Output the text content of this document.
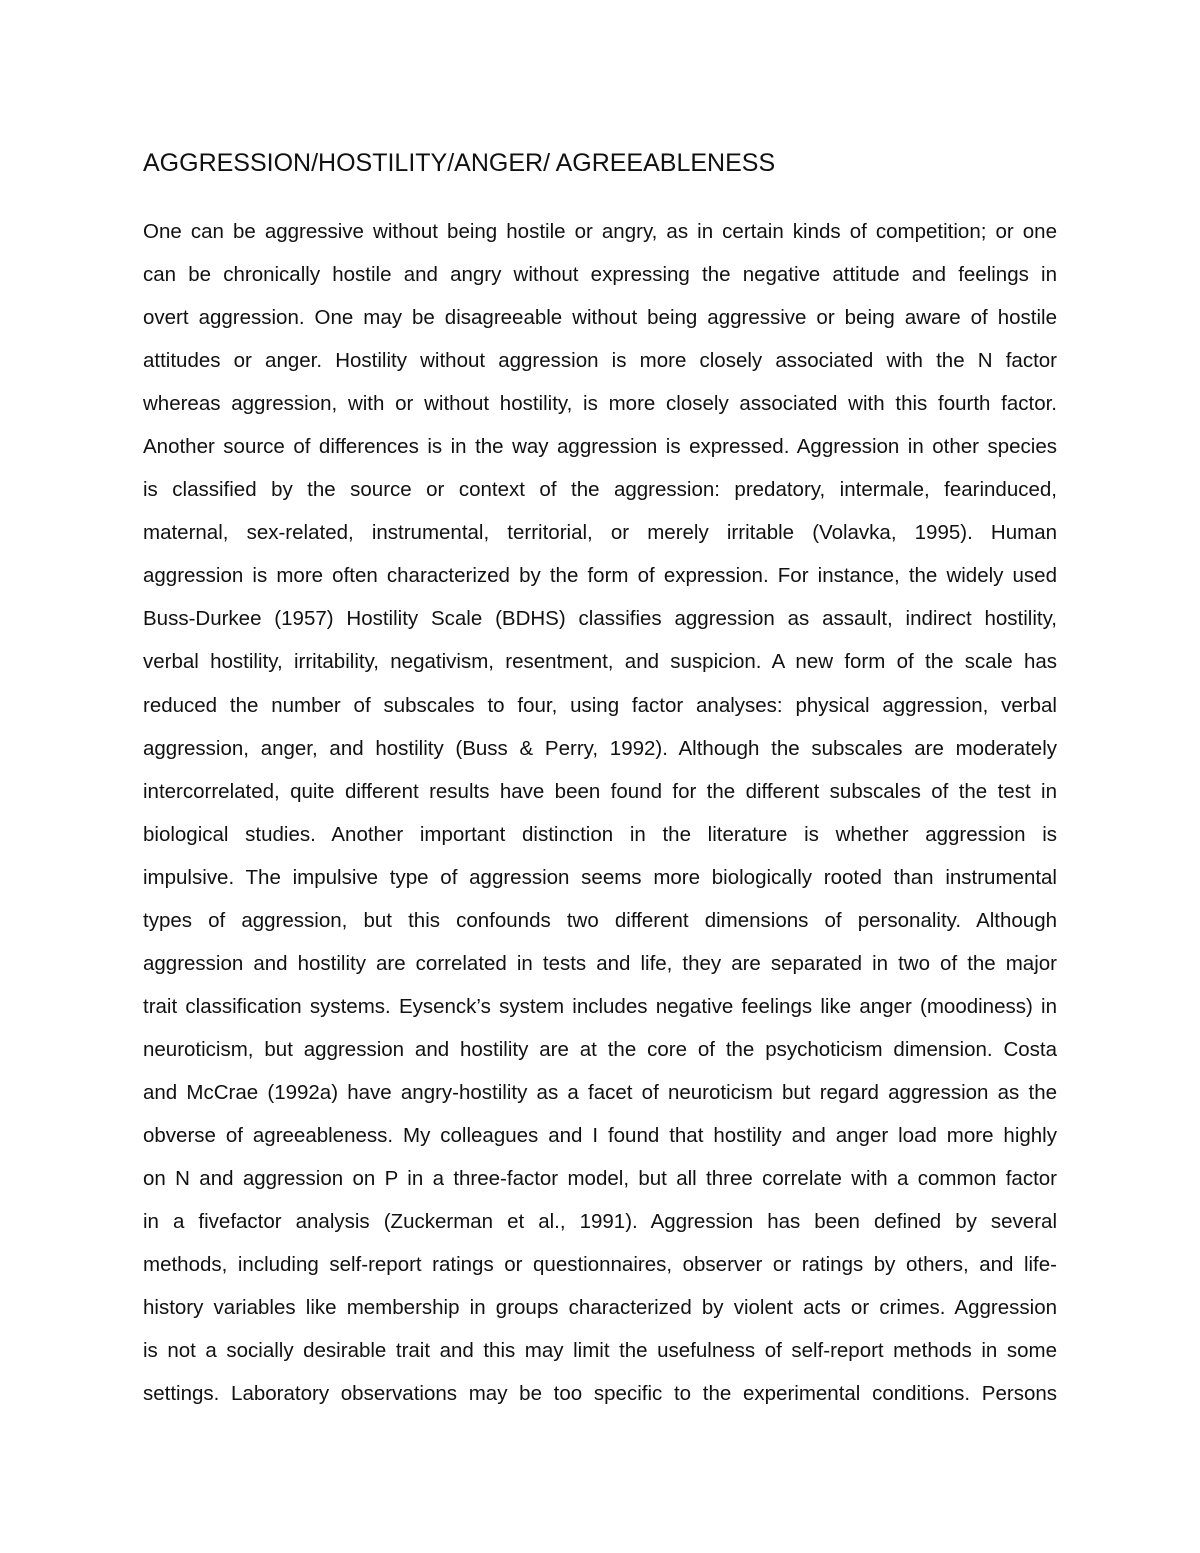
AGGRESSION/HOSTILITY/ANGER/ AGREEABLENESS
One can be aggressive without being hostile or angry, as in certain kinds of competition; or one
can be chronically hostile and angry without expressing the negative attitude and feelings in
overt aggression. One may be disagreeable without being aggressive or being aware of hostile
attitudes or anger. Hostility without aggression is more closely associated with the N factor
whereas aggression, with or without hostility, is more closely associated with this fourth factor.
Another source of differences is in the way aggression is expressed. Aggression in other species
is classified by the source or context of the aggression: predatory, intermale, fearinduced,
maternal, sex-related, instrumental, territorial, or merely irritable (Volavka, 1995). Human
aggression is more often characterized by the form of expression. For instance, the widely used
Buss-Durkee (1957) Hostility Scale (BDHS) classifies aggression as assault, indirect hostility,
verbal hostility, irritability, negativism, resentment, and suspicion. A new form of the scale has
reduced the number of subscales to four, using factor analyses: physical aggression, verbal
aggression, anger, and hostility (Buss & Perry, 1992). Although the subscales are moderately
intercorrelated, quite different results have been found for the different subscales of the test in
biological studies. Another important distinction in the literature is whether aggression is
impulsive. The impulsive type of aggression seems more biologically rooted than instrumental
types of aggression, but this confounds two different dimensions of personality. Although
aggression and hostility are correlated in tests and life, they are separated in two of the major
trait classification systems. Eysenck’s system includes negative feelings like anger (moodiness) in
neuroticism, but aggression and hostility are at the core of the psychoticism dimension. Costa
and McCrae (1992a) have angry-hostility as a facet of neuroticism but regard aggression as the
obverse of agreeableness. My colleagues and I found that hostility and anger load more highly
on N and aggression on P in a three-factor model, but all three correlate with a common factor
in a fivefactor analysis (Zuckerman et al., 1991). Aggression has been defined by several
methods, including self-report ratings or questionnaires, observer or ratings by others, and life-
history variables like membership in groups characterized by violent acts or crimes. Aggression
is not a socially desirable trait and this may limit the usefulness of self-report methods in some
settings. Laboratory observations may be too specific to the experimental conditions. Persons
